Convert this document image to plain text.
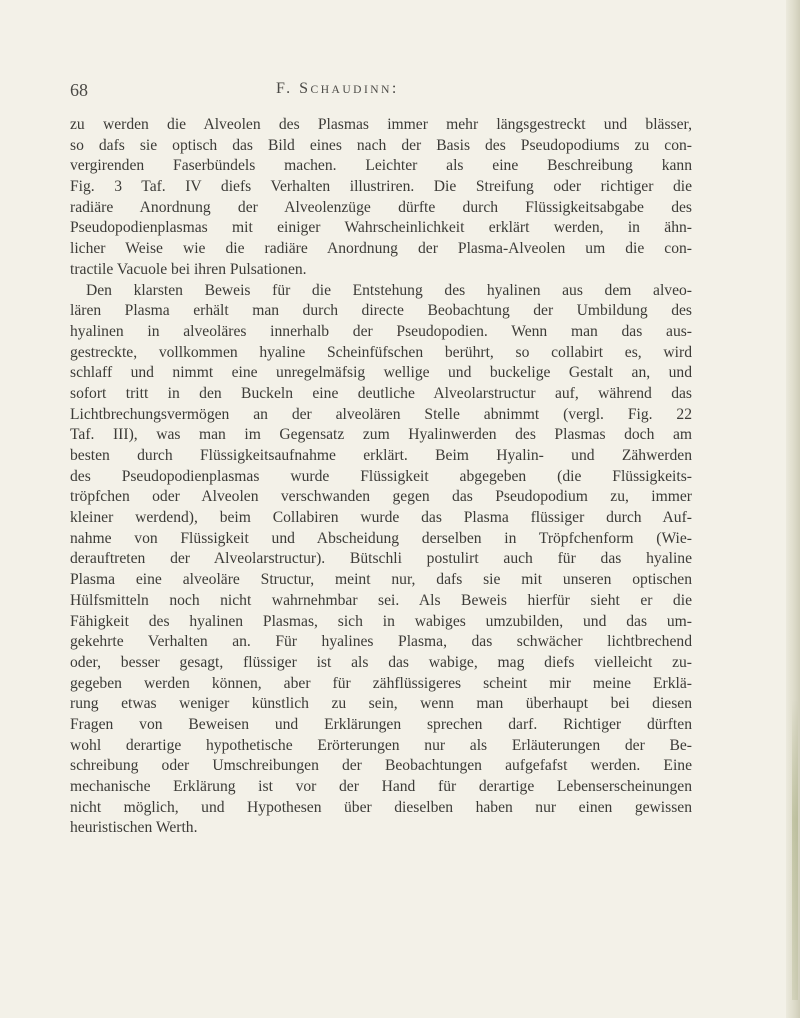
68	F. SCHAUDINN:
zu werden die Alveolen des Plasmas immer mehr längsgestreckt und blässer,
so dafs sie optisch das Bild eines nach der Basis des Pseudopodiums zu con-
vergirenden Faserbündels machen. Leichter als eine Beschreibung kann
Fig. 3 Taf. IV diefs Verhalten illustriren. Die Streifung oder richtiger die
radiäre Anordnung der Alveolenzüge dürfte durch Flüssigkeitsabgabe des
Pseudopodienplasmas mit einiger Wahrscheinlichkeit erklärt werden, in ähn-
licher Weise wie die radiäre Anordnung der Plasma-Alveolen um die con-
tractile Vacuole bei ihren Pulsationen.
Den klarsten Beweis für die Entstehung des hyalinen aus dem alveo-
lären Plasma erhält man durch directe Beobachtung der Umbildung des
hyalinen in alveoläres innerhalb der Pseudopodien. Wenn man das aus-
gestreckte, vollkommen hyaline Scheinfüfschen berührt, so collabirt es, wird
schlaff und nimmt eine unregelmäfsig wellige und buckelige Gestalt an, und
sofort tritt in den Buckeln eine deutliche Alveolarstructur auf, während das
Lichtbrechungsvermögen an der alveolären Stelle abnimmt (vergl. Fig. 22
Taf. III), was man im Gegensatz zum Hyalinwerden des Plasmas doch am
besten durch Flüssigkeitsaufnahme erklärt. Beim Hyalin- und Zähwerden
des Pseudopodienplasmas wurde Flüssigkeit abgegeben (die Flüssigkeits-
tröpfchen oder Alveolen verschwanden gegen das Pseudopodium zu, immer
kleiner werdend), beim Collabiren wurde das Plasma flüssiger durch Auf-
nahme von Flüssigkeit und Abscheidung derselben in Tröpfchenform (Wie-
derauftreten der Alveolarstructur). Bütschli postulirt auch für das hyaline
Plasma eine alveoläre Structur, meint nur, dafs sie mit unseren optischen
Hülfsmitteln noch nicht wahrnehmbar sei. Als Beweis hierfür sieht er die
Fähigkeit des hyalinen Plasmas, sich in wabiges umzubilden, und das um-
gekehrte Verhalten an. Für hyalines Plasma, das schwächer lichtbrechend
oder, besser gesagt, flüssiger ist als das wabige, mag diefs vielleicht zu-
gegeben werden können, aber für zähflüssigeres scheint mir meine Erklä-
rung etwas weniger künstlich zu sein, wenn man überhaupt bei diesen
Fragen von Beweisen und Erklärungen sprechen darf. Richtiger dürften
wohl derartige hypothetische Erörterungen nur als Erläuterungen der Be-
schreibung oder Umschreibungen der Beobachtungen aufgefafst werden. Eine
mechanische Erklärung ist vor der Hand für derartige Lebenserscheinungen
nicht möglich, und Hypothesen über dieselben haben nur einen gewissen
heuristischen Werth.
